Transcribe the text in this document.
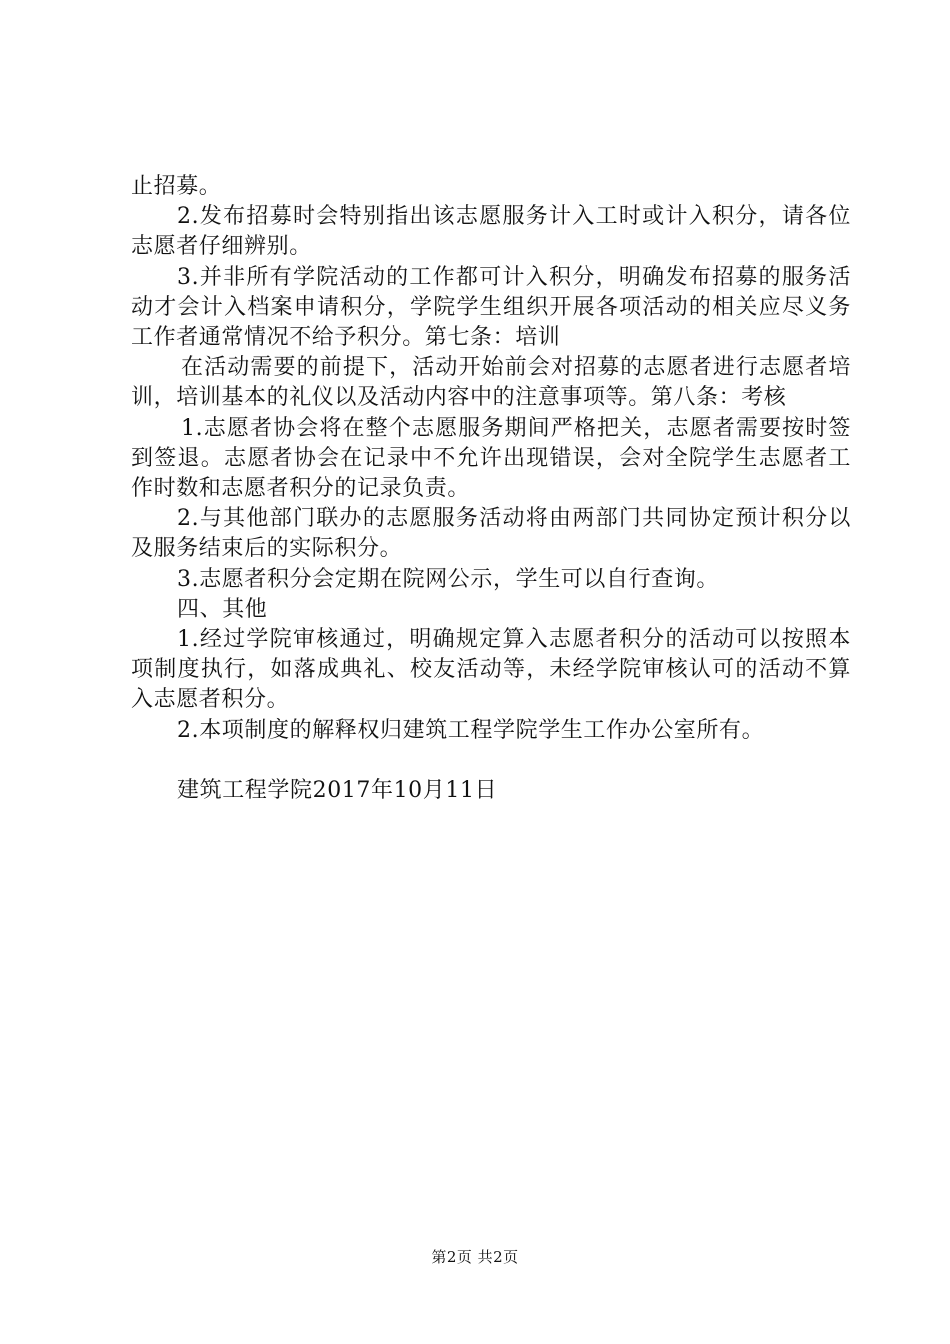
止招募。

2.发布招募时会特别指出该志愿服务计入工时或计入积分，请各位志愿者仔细辨别。

3.并非所有学院活动的工作都可计入积分，明确发布招募的服务活动才会计入档案申请积分，学院学生组织开展各项活动的相关应尽义务工作者通常情况不给予积分。第七条：培训

在活动需要的前提下，活动开始前会对招募的志愿者进行志愿者培训，培训基本的礼仪以及活动内容中的注意事项等。第八条：考核

1.志愿者协会将在整个志愿服务期间严格把关，志愿者需要按时签到签退。志愿者协会在记录中不允许出现错误，会对全院学生志愿者工作时数和志愿者积分的记录负责。

2.与其他部门联办的志愿服务活动将由两部门共同协定预计积分以及服务结束后的实际积分。

3.志愿者积分会定期在院网公示，学生可以自行查询。

四、其他

1.经过学院审核通过，明确规定算入志愿者积分的活动可以按照本项制度执行，如落成典礼、校友活动等，未经学院审核认可的活动不算入志愿者积分。

2.本项制度的解释权归建筑工程学院学生工作办公室所有。

建筑工程学院2017年10月11日

第2页 共2页
